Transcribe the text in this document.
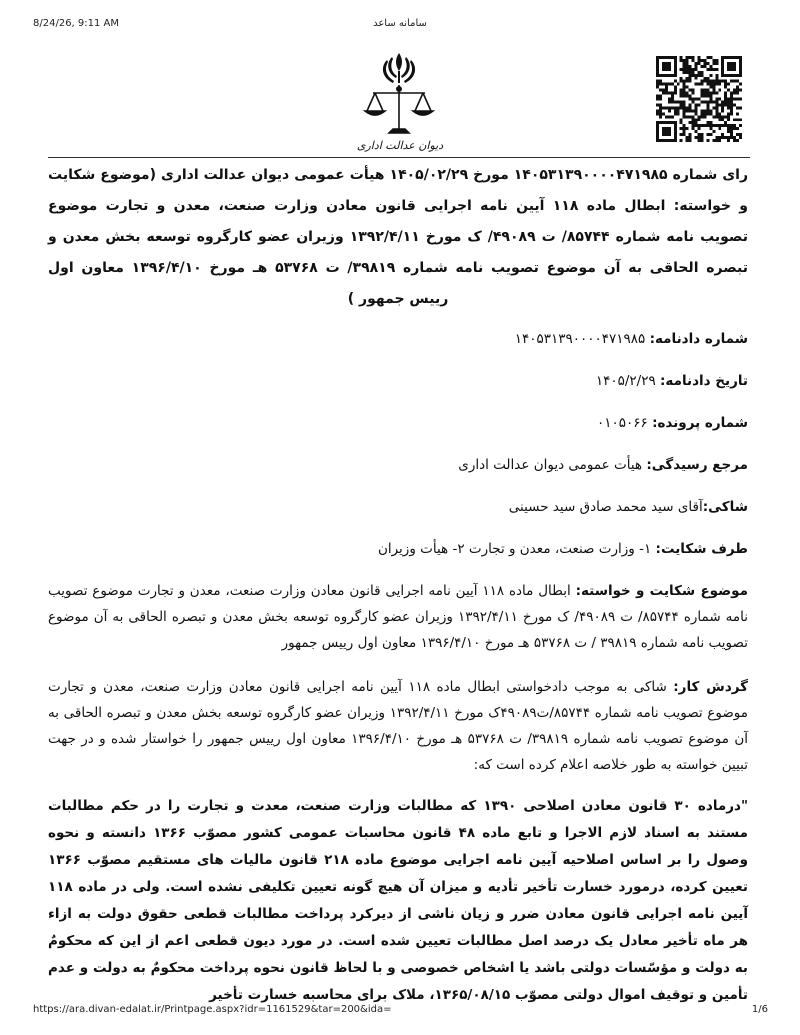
8/24/26, 9:11 AM	سامانه ساعد
دیوان عدالت اداری
رای شماره ۱۴۰۵۳۱۳۹۰۰۰۰۴۷۱۹۸۵ مورخ ۱۴۰۵/۰۲/۲۹ هیأت عمومی دیوان عدالت اداری (موضوع شکایت و خواسته: ابطال ماده ۱۱۸ آیین نامه اجرایی قانون معادن وزارت صنعت، معدن و تجارت موضوع تصویب نامه شماره ۸۵۷۴۴/ ت ۴۹۰۸۹/ ک مورخ ۱۳۹۲/۴/۱۱ وزیران عضو کارگروه توسعه بخش معدن و تبصره الحاقی به آن موضوع تصویب نامه شماره ۳۹۸۱۹/ ت ۵۳۷۶۸ هـ مورخ ۱۳۹۶/۴/۱۰ معاون اول رییس جمهور )
شماره دادنامه: ۱۴۰۵۳۱۳۹۰۰۰۰۴۷۱۹۸۵
تاریخ دادنامه: ۱۴۰۵/۲/۲۹
شماره پرونده: ۰۱۰۵۰۶۶
مرجع رسیدگی: هیأت عمومی دیوان عدالت اداری
شاکی:آقای سید محمد صادق سید حسینی
طرف شکایت: ۱- وزارت صنعت، معدن و تجارت ۲- هیأت وزیران
موضوع شکایت و خواسته: ابطال ماده ۱۱۸ آیین نامه اجرایی قانون معادن وزارت صنعت، معدن و تجارت موضوع تصویب نامه شماره ۸۵۷۴۴/ ت ۴۹۰۸۹/ ک مورخ ۱۳۹۲/۴/۱۱ وزیران عضو کارگروه توسعه بخش معدن و تبصره الحاقی به آن موضوع تصویب نامه شماره ۳۹۸۱۹ / ت ۵۳۷۶۸ هـ مورخ ۱۳۹۶/۴/۱۰ معاون اول رییس جمهور
گردش کار: شاکی به موجب دادخواستی ابطال ماده ۱۱۸ آیین نامه اجرایی قانون معادن وزارت صنعت، معدن و تجارت موضوع تصویب نامه شماره ۸۵۷۴۴/ت۴۹۰۸۹ک مورخ ۱۳۹۲/۴/۱۱ وزیران عضو کارگروه توسعه بخش معدن و تبصره الحاقی به آن موضوع تصویب نامه شماره ۳۹۸۱۹/ ت ۵۳۷۶۸ هـ مورخ ۱۳۹۶/۴/۱۰ معاون اول رییس جمهور را خواستار شده و در جهت تبیین خواسته به طور خلاصه اعلام کرده است که:
"درماده ۳۰ قانون معادن اصلاحی ۱۳۹۰ که مطالبات وزارت صنعت، معدت و تجارت را در حکم مطالبات مستند به اسناد لازم الاجرا و تابع ماده ۴۸ قانون محاسبات عمومی کشور مصوّب ۱۳۶۶ دانسته و نحوه وصول را بر اساس اصلاحیه آیین نامه اجرایی موضوع ماده ۲۱۸ قانون مالیات های مستقیم مصوّب ۱۳۶۶ تعیین کرده، درمورد خسارت تأخیر تأدیه و میزان آن هیچ گونه تعیین تکلیفی نشده است. ولی در ماده ۱۱۸ آیین نامه اجرایی قانون معادن ضرر و زیان ناشی از دیرکرد پرداخت مطالبات قطعی حقوق دولت به ازاء هر ماه تأخیر معادل یک درصد اصل مطالبات تعیین شده است. در مورد دیون قطعی اعم از این که محکومٌ به دولت و مؤسّسات دولتی باشد یا اشخاص خصوصی و با لحاظ قانون نحوه پرداخت محکومٌ به دولت و عدم تأمین و توقیف اموال دولتی مصوّب ۱۳۶۵/۰۸/۱۵، ملاک برای محاسبه خسارت تأخیر
https://ara.divan-edalat.ir/Printpage.aspx?idr=1161529&tar=200&ida=	1/6
